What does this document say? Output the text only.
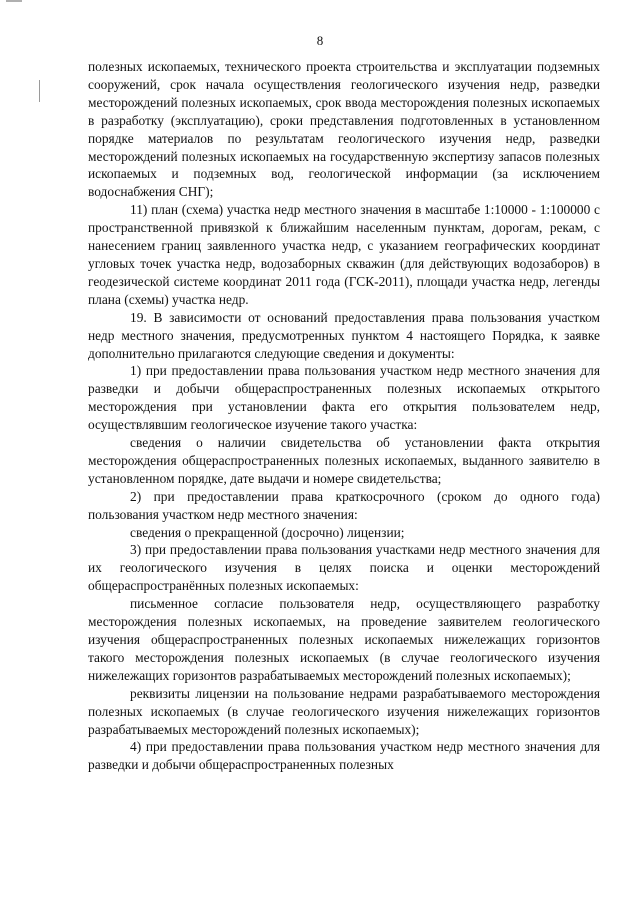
8

полезных ископаемых, технического проекта строительства и эксплуатации подземных сооружений, срок начала осуществления геологического изучения недр, разведки месторождений полезных ископаемых, срок ввода месторождения полезных ископаемых в разработку (эксплуатацию), сроки представления подготовленных в установленном порядке материалов по результатам геологического изучения недр, разведки месторождений полезных ископаемых на государственную экспертизу запасов полезных ископаемых и подземных вод, геологической информации (за исключением водоснабжения СНГ);

11) план (схема) участка недр местного значения в масштабе 1:10000 - 1:100000 с пространственной привязкой к ближайшим населенным пунктам, дорогам, рекам, с нанесением границ заявленного участка недр, с указанием географических координат угловых точек участка недр, водозаборных скважин (для действующих водозаборов) в геодезической системе координат 2011 года (ГСК-2011), площади участка недр, легенды плана (схемы) участка недр.

19. В зависимости от оснований предоставления права пользования участком недр местного значения, предусмотренных пунктом 4 настоящего Порядка, к заявке дополнительно прилагаются следующие сведения и документы:

1) при предоставлении права пользования участком недр местного значения для разведки и добычи общераспространенных полезных ископаемых открытого месторождения при установлении факта его открытия пользователем недр, осуществлявшим геологическое изучение такого участка:

сведения о наличии свидетельства об установлении факта открытия месторождения общераспространенных полезных ископаемых, выданного заявителю в установленном порядке, дате выдачи и номере свидетельства;

2) при предоставлении права краткосрочного (сроком до одного года) пользования участком недр местного значения:

сведения о прекращенной (досрочно) лицензии;

3) при предоставлении права пользования участками недр местного значения для их геологического изучения в целях поиска и оценки месторождений общераспространённых полезных ископаемых:

письменное согласие пользователя недр, осуществляющего разработку месторождения полезных ископаемых, на проведение заявителем геологического изучения общераспространенных полезных ископаемых нижележащих горизонтов такого месторождения полезных ископаемых (в случае геологического изучения нижележащих горизонтов разрабатываемых месторождений полезных ископаемых);

реквизиты лицензии на пользование недрами разрабатываемого месторождения полезных ископаемых (в случае геологического изучения нижележащих горизонтов разрабатываемых месторождений полезных ископаемых);

4) при предоставлении права пользования участком недр местного значения для разведки и добычи общераспространенных полезных
